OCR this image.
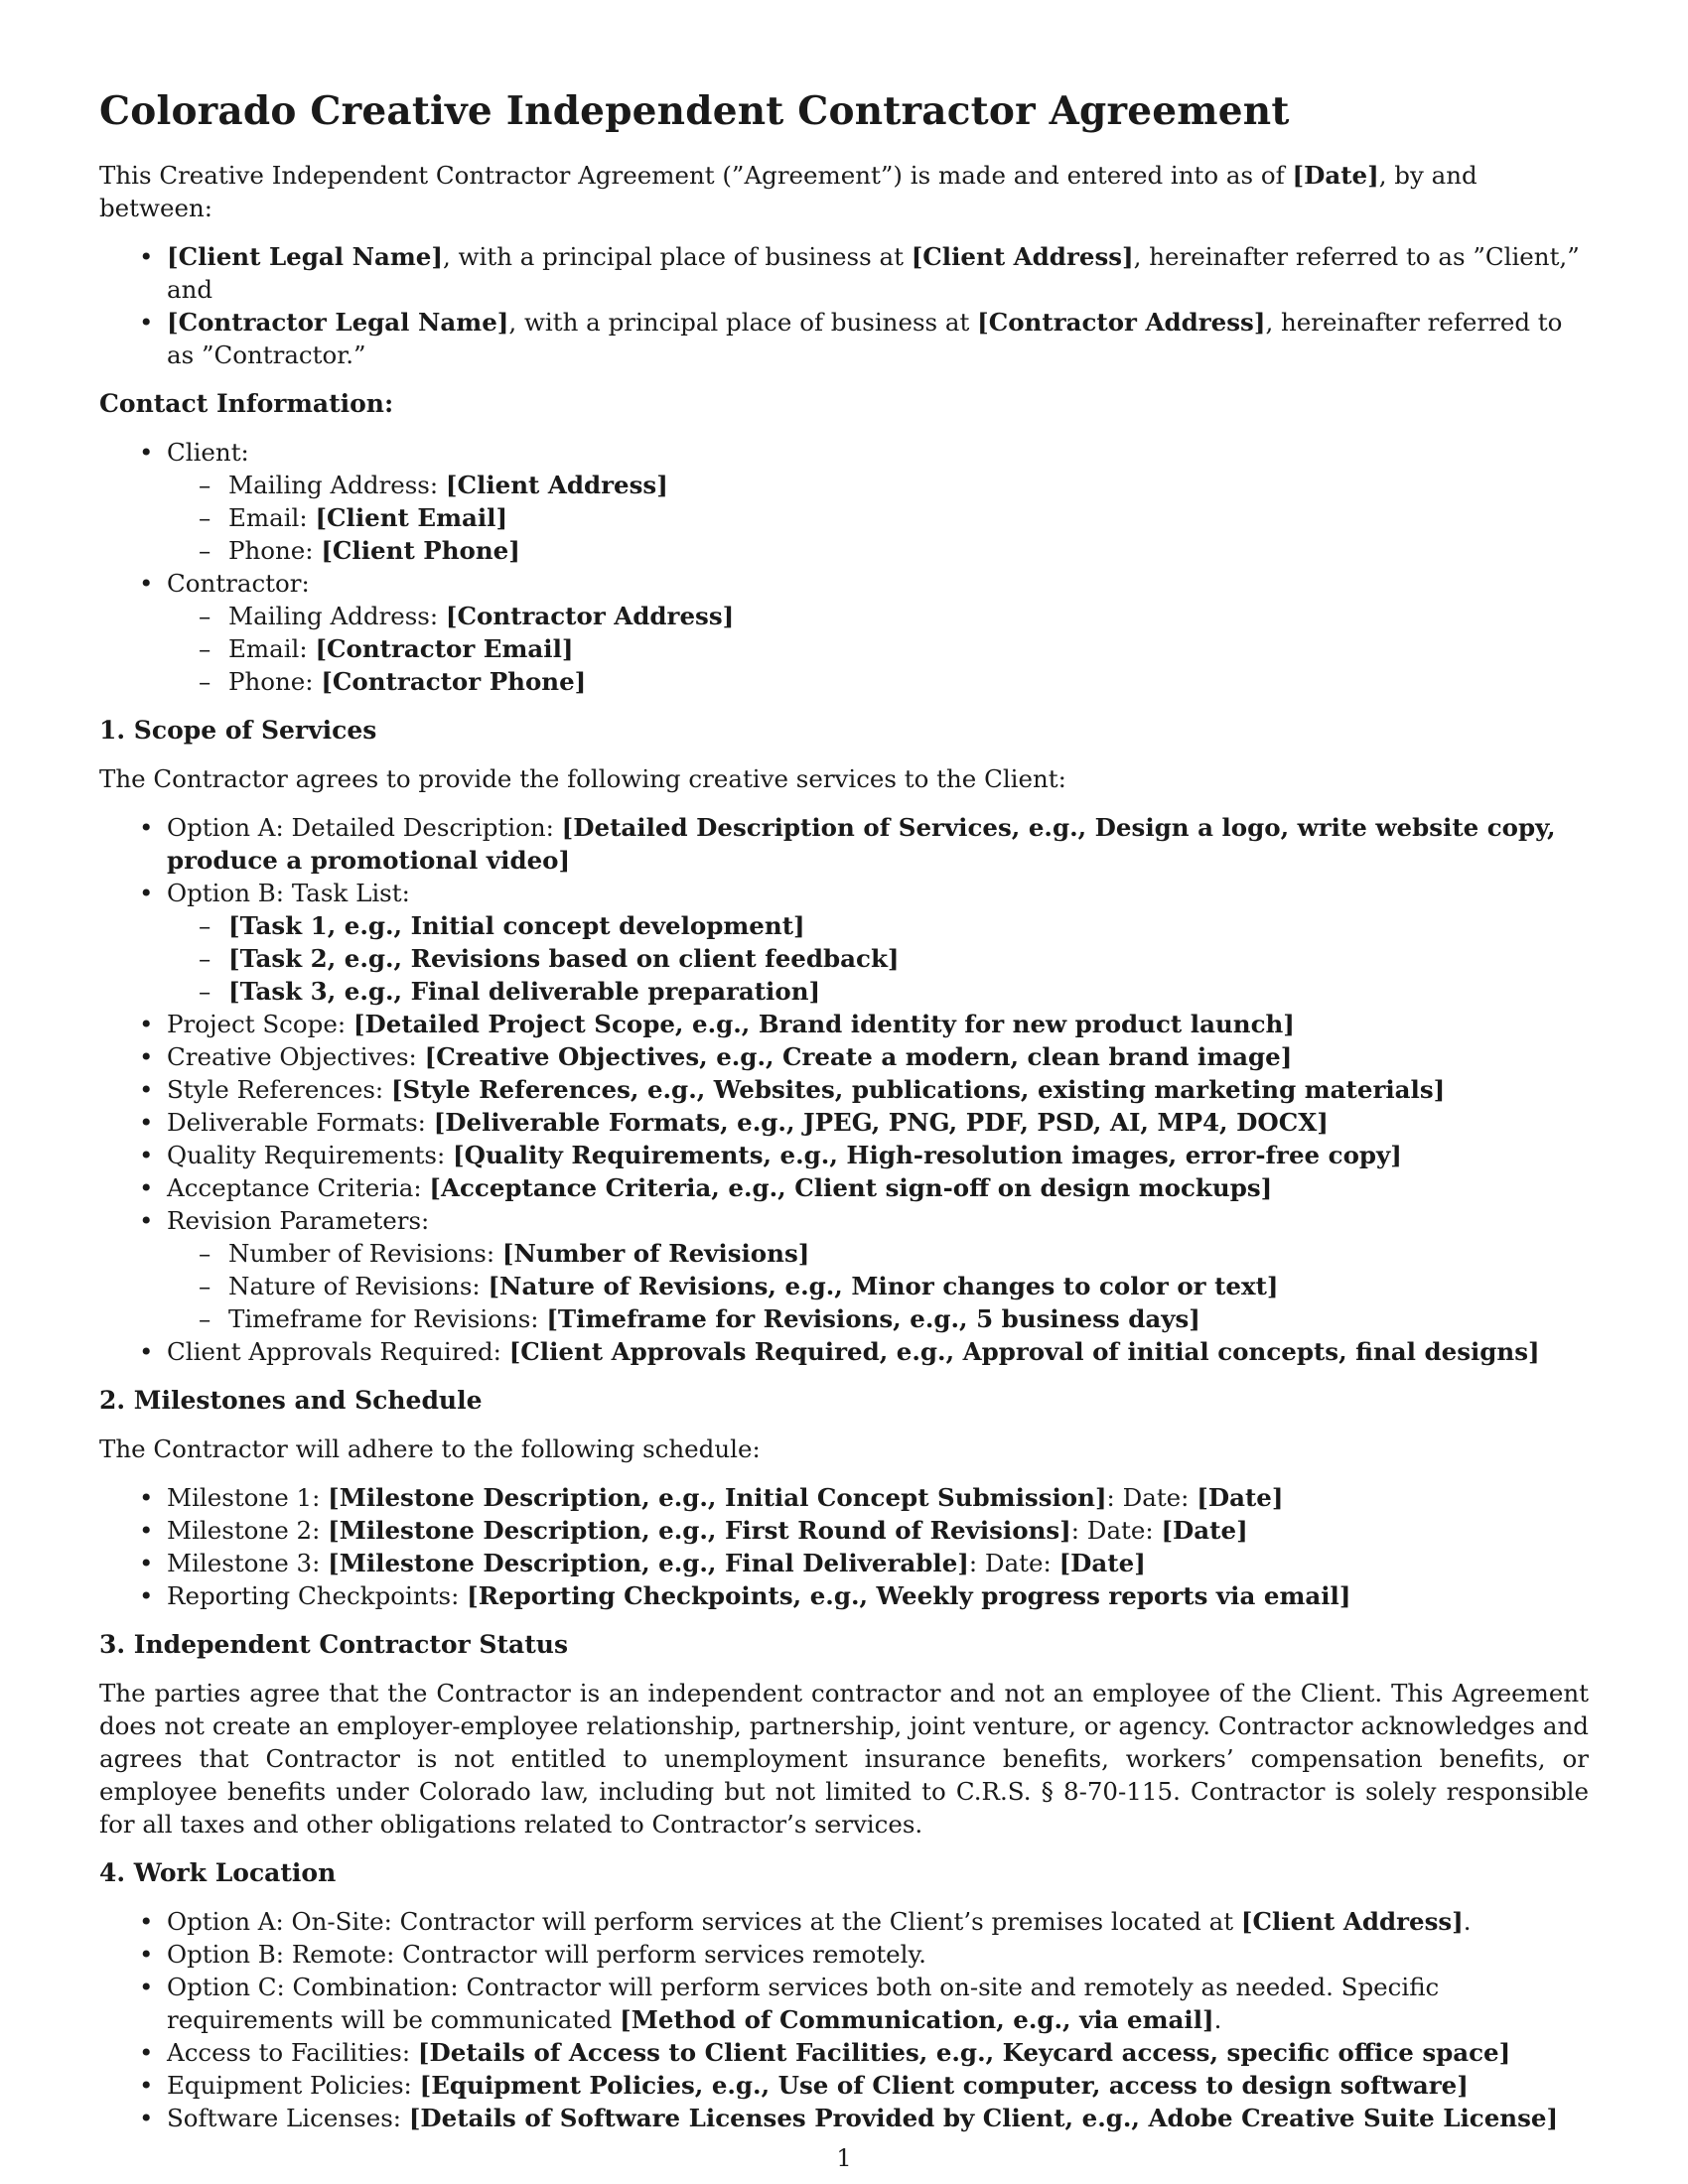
Colorado Creative Independent Contractor Agreement

This Creative Independent Contractor Agreement (”Agreement”) is made and entered into as of [Date], by and between:

• [Client Legal Name], with a principal place of business at [Client Address], hereinafter referred to as ”Client,” and
• [Contractor Legal Name], with a principal place of business at [Contractor Address], hereinafter referred to as ”Contractor.”
Contact Information:
• Client:
– Mailing Address: [Client Address]
– Email: [Client Email]
– Phone: [Client Phone]
• Contractor:
– Mailing Address: [Contractor Address]
– Email: [Contractor Email]
– Phone: [Contractor Phone]
1. Scope of Services

The Contractor agrees to provide the following creative services to the Client:

• Option A: Detailed Description: [Detailed Description of Services, e.g., Design a logo, write website copy, produce a promotional video]
• Option B: Task List:
– [Task 1, e.g., Initial concept development]
– [Task 2, e.g., Revisions based on client feedback]
– [Task 3, e.g., Final deliverable preparation]
• Project Scope: [Detailed Project Scope, e.g., Brand identity for new product launch]
• Creative Objectives: [Creative Objectives, e.g., Create a modern, clean brand image]
• Style References: [Style References, e.g., Websites, publications, existing marketing materials]
• Deliverable Formats: [Deliverable Formats, e.g., JPEG, PNG, PDF, PSD, AI, MP4, DOCX]
• Quality Requirements: [Quality Requirements, e.g., High-resolution images, error-free copy]
• Acceptance Criteria: [Acceptance Criteria, e.g., Client sign-off on design mockups]
• Revision Parameters:
– Number of Revisions: [Number of Revisions]
– Nature of Revisions: [Nature of Revisions, e.g., Minor changes to color or text]
– Timeframe for Revisions: [Timeframe for Revisions, e.g., 5 business days]
• Client Approvals Required: [Client Approvals Required, e.g., Approval of initial concepts, final designs]
2. Milestones and Schedule

The Contractor will adhere to the following schedule:

• Milestone 1: [Milestone Description, e.g., Initial Concept Submission]: Date: [Date]
• Milestone 2: [Milestone Description, e.g., First Round of Revisions]: Date: [Date]
• Milestone 3: [Milestone Description, e.g., Final Deliverable]: Date: [Date]
• Reporting Checkpoints: [Reporting Checkpoints, e.g., Weekly progress reports via email]
3. Independent Contractor Status

The parties agree that the Contractor is an independent contractor and not an employee of the Client. This Agreement does not create an employer-employee relationship, partnership, joint venture, or agency. Contractor acknowledges and agrees that Contractor is not entitled to unemployment insurance benefits, workers’ compensation benefits, or employee benefits under Colorado law, including but not limited to C.R.S. § 8-70-115. Contractor is solely responsible for all taxes and other obligations related to Contractor’s services.

4. Work Location
• Option A: On-Site: Contractor will perform services at the Client’s premises located at [Client Address].
• Option B: Remote: Contractor will perform services remotely.
• Option C: Combination: Contractor will perform services both on-site and remotely as needed. Specific requirements will be communicated [Method of Communication, e.g., via email].
• Access to Facilities: [Details of Access to Client Facilities, e.g., Keycard access, specific office space]
• Equipment Policies: [Equipment Policies, e.g., Use of Client computer, access to design software]
• Software Licenses: [Details of Software Licenses Provided by Client, e.g., Adobe Creative Suite License]
1
